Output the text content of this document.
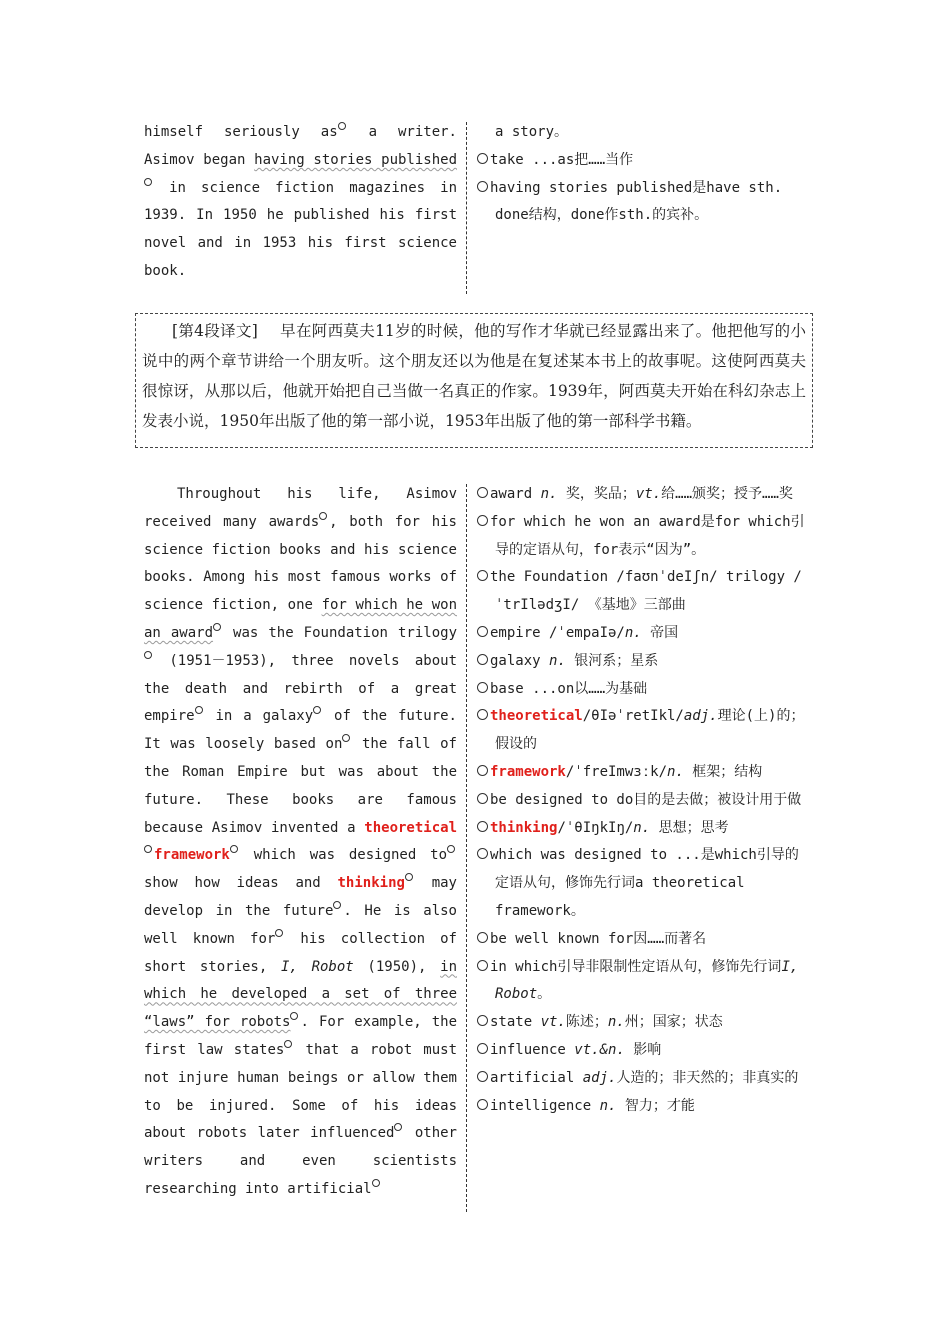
himself seriously as a writer. Asimov began having stories published in science fiction magazines in 1939. In 1950 he published his first novel and in 1953 his first science book.

a story。

take ...as把……当作

having stories published是have sth. done结构，done作sth.的宾补。

[第4段译文] 早在阿西莫夫11岁的时候，他的写作才华就已经显露出来了。他把他写的小说中的两个章节讲给一个朋友听。这个朋友还以为他是在复述某本书上的故事呢。这使阿西莫夫很惊讶，从那以后，他就开始把自己当做一名真正的作家。1939年，阿西莫夫开始在科幻杂志上发表小说，1950年出版了他的第一部小说，1953年出版了他的第一部科学书籍。

Throughout his life, Asimov received many awards , both for his science fiction books and his science books. Among his most famous works of science fiction, one for which he won an award was the Foundation trilogy (1951－1953), three novels about the death and rebirth of a great empire in a galaxy of the future. It was loosely based on the fall of the Roman Empire but was about the future. These books are famous because Asimov invented a theoreticalframework which was designed to show how ideas and thinking may develop in the future . He is also well known for his collection of short stories, I, Robot (1950), in which he developed a set of three “laws” for robots . For example, the first law states that a robot must not injure human beings or allow them to be injured. Some of his ideas about robots later influenced other writers and even scientists researching into artificial

award n. 奖，奖品；vt.给……颁奖；授予……奖

for which he won an award是for which引导的定语从句，for表示“因为”。

the Foundation /faʊnˈdeIʃn/ trilogy /ˈtrIlədʒI/ 《基地》三部曲

empire /ˈempaIə/n. 帝国

galaxy n. 银河系；星系

base ...on以……为基础

theoretical/θIəˈretIkl/adj.理论(上)的；假设的

framework/ˈfreImwɜːk/n. 框架；结构

be designed to do目的是去做；被设计用于做

thinking/ˈθIŋkIŋ/n. 思想；思考

which was designed to ...是which引导的定语从句，修饰先行词a theoretical framework。

be well known for因……而著名

in which引导非限制性定语从句，修饰先行词I, Robot。

state vt.陈述；n.州；国家；状态

influence vt.&n. 影响

artificial adj.人造的；非天然的；非真实的

intelligence n. 智力；才能
